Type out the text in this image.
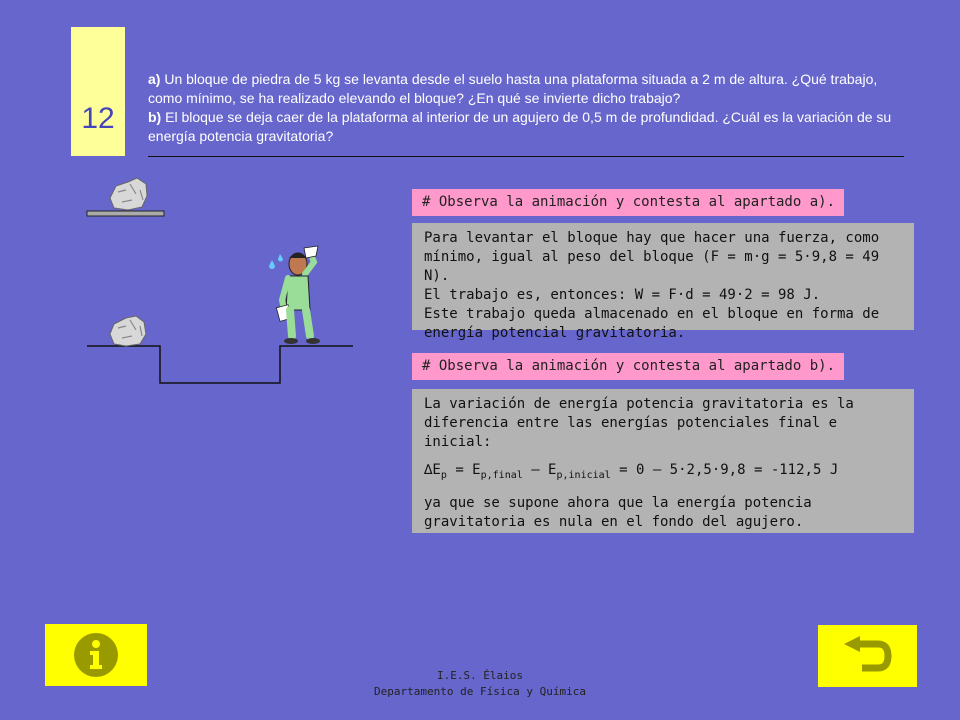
12
a) Un bloque de piedra de 5 kg se levanta desde el suelo hasta una plataforma situada a 2 m de altura. ¿Qué trabajo, como mínimo, se ha realizado elevando el bloque? ¿En qué se invierte dicho trabajo?
b) El bloque se deja caer de la plataforma al interior de un agujero de 0,5 m de profundidad. ¿Cuál es la variación de su energía potencia gravitatoria?
# Observa la animación y contesta al apartado a).
Para levantar el bloque hay que hacer una fuerza, como mínimo, igual al peso del bloque (F = m·g = 5·9,8 = 49 N).
El trabajo es, entonces: W = F·d = 49·2 = 98 J.
Este trabajo queda almacenado en el bloque en forma de energía potencial gravitatoria.
# Observa la animación y contesta al apartado b).
La variación de energía potencia gravitatoria es la diferencia entre las energías potenciales final e inicial:
$\Delta E_p = E_{p,final} - E_{p,inicial} = 0 - 5\cdot 2,5\cdot 9,8 = -112,5$ J
ya que se supone ahora que la energía potencia gravitatoria es nula en el fondo del agujero.
I.E.S. Élaios
Departamento de Física y Química
